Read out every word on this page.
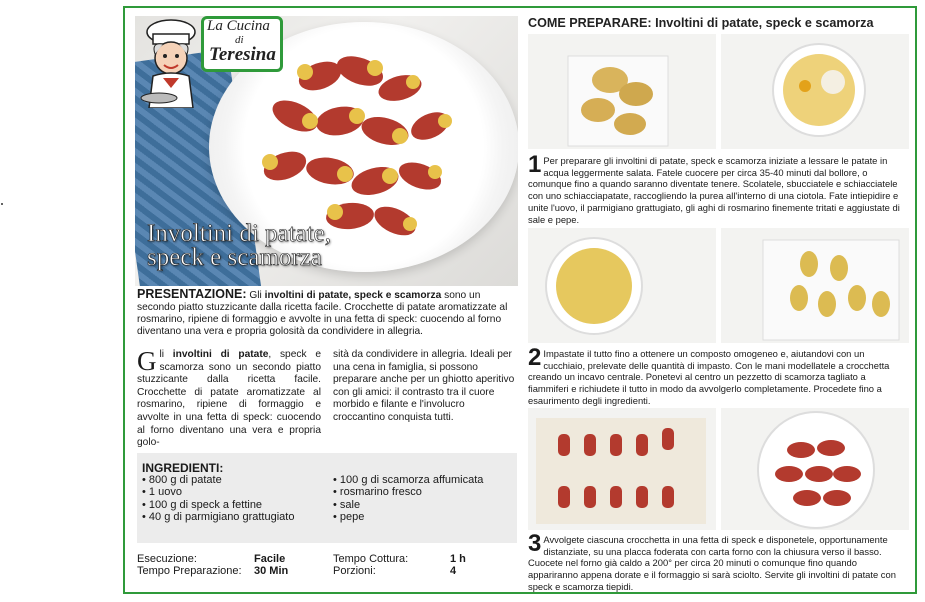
Involtini di patate,
speck e scamorza
La Cucina
di
Teresina
PRESENTAZIONE: Gli involtini di patate, speck e scamorza sono un secondo piatto stuzzicante dalla ricetta facile. Crocchette di patate aromatizzate al rosmarino, ripiene di formaggio e avvolte in una fetta di speck: cuocendo al forno diventano una vera e propria golosità da condividere in allegria.
Gli involtini di patate, speck e scamorza sono un secondo piatto stuzzicante dalla ricetta facile. Crocchette di patate aromatizzate al rosmarino, ripiene di formaggio e avvolte in una fetta di speck: cuocendo al forno diventano una vera e propria golo-
sità da condividere in allegria. Ideali per una cena in famiglia, si possono preparare anche per un ghiotto aperitivo con gli amici: il contrasto tra il cuore morbido e filante e l'involucro croccantino conquista tutti.
INGREDIENTI:
• 800 g di patate
• 1 uovo
• 100 g di speck a fettine
• 40 g di parmigiano grattugiato
• 100 g di scamorza affumicata
• rosmarino fresco
• sale
• pepe
Esecuzione:	Facile
Tempo Preparazione: 30 Min
Tempo Cottura:	1 h
Porzioni:	4
COME PREPARARE: Involtini di patate, speck e scamorza
1 Per preparare gli involtini di patate, speck e scamorza iniziate a lessare le patate in acqua leggermente salata. Fatele cuocere per circa 35-40 minuti dal bollore, o comunque fino a quando saranno diventate tenere. Scolatele, sbucciatele e schiacciatele con uno schiacciapatate, raccogliendo la purea all'interno di una ciotola. Fate intiepidire e unite l'uovo, il parmigiano grattugiato, gli aghi di rosmarino finemente tritati e aggiustate di sale e pepe.
2 Impastate il tutto fino a ottenere un composto omogeneo e, aiutandovi con un cucchiaio, prelevate delle quantità di impasto. Con le mani modellatele a crocchetta creando un incavo centrale. Ponetevi al centro un pezzetto di scamorza tagliato a fiammiferi e richiudete il tutto in modo da avvolgerlo completamente. Procedete fino a esaurimento degli ingredienti.
3 Avvolgete ciascuna crocchetta in una fetta di speck e disponetele, opportunamente distanziate, su una placca foderata con carta forno con la chiusura verso il basso. Cuocete nel forno già caldo a 200° per circa 20 minuti o comunque fino quando appariranno appena dorate e il formaggio si sarà sciolto. Servite gli involtini di patate con speck e scamorza tiepidi.
